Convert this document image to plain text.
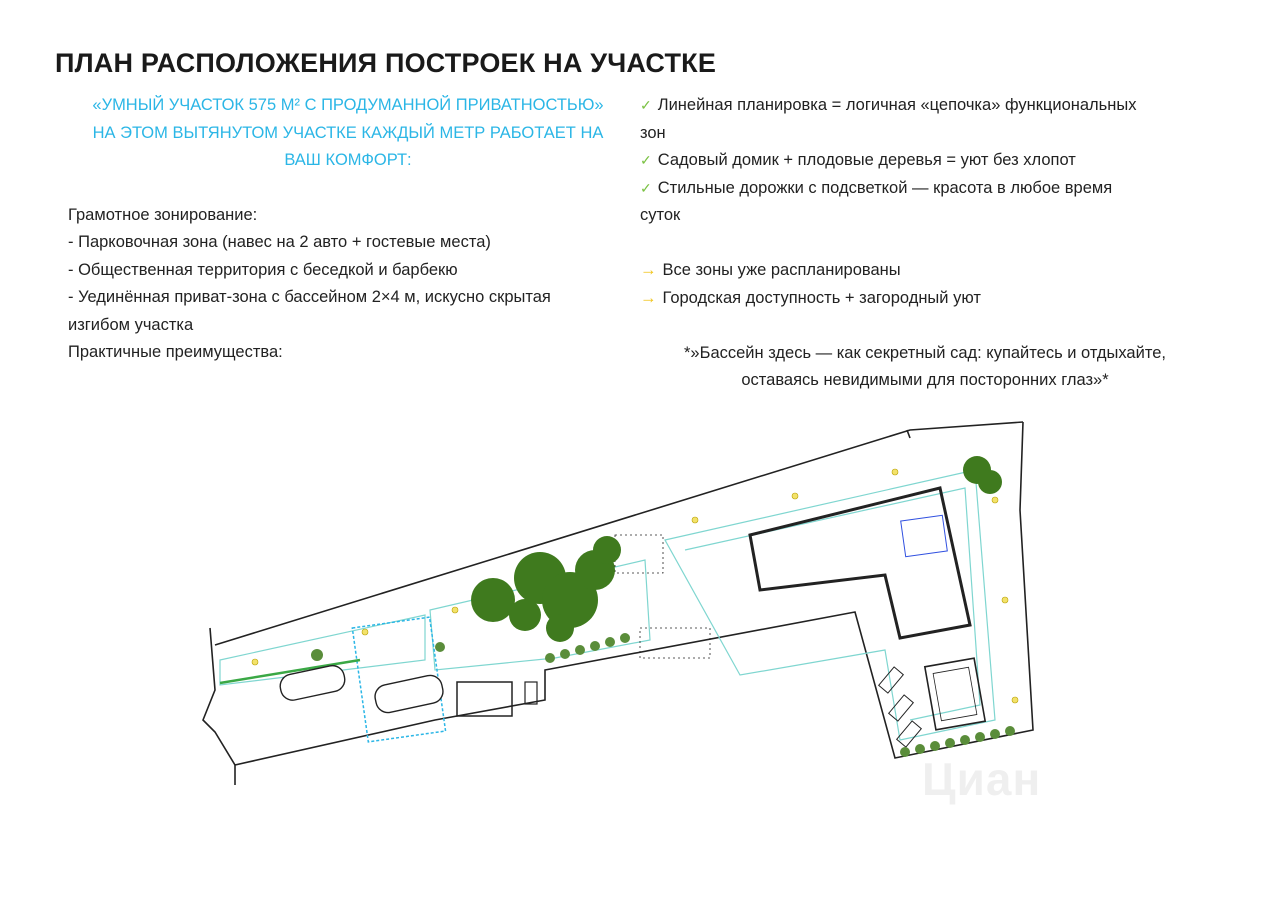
ПЛАН РАСПОЛОЖЕНИЯ ПОСТРОЕК НА УЧАСТКЕ
«УМНЫЙ УЧАСТОК 575 М² С ПРОДУМАННОЙ ПРИВАТНОСТЬЮ»
НА ЭТОМ ВЫТЯНУТОМ УЧАСТКЕ КАЖДЫЙ МЕТР РАБОТАЕТ НА
ВАШ КОМФОРТ:
Грамотное зонирование:
- Парковочная зона (навес на 2 авто + гостевые места)
- Общественная территория с беседкой и барбекю
- Уединённая приват-зона с бассейном 2×4 м, искусно скрытая
изгибом участка
Практичные преимущества:
✓ Линейная планировка = логичная «цепочка» функциональных
зон
✓ Садовый домик + плодовые деревья = уют без хлопот
✓ Стильные дорожки с подсветкой — красота в любое время
суток
→ Все зоны уже распланированы
→ Городская доступность + загородный уют
*»Бассейн здесь — как секретный сад: купайтесь и отдыхайте,
оставаясь невидимыми для посторонних глаз»*
Циан
